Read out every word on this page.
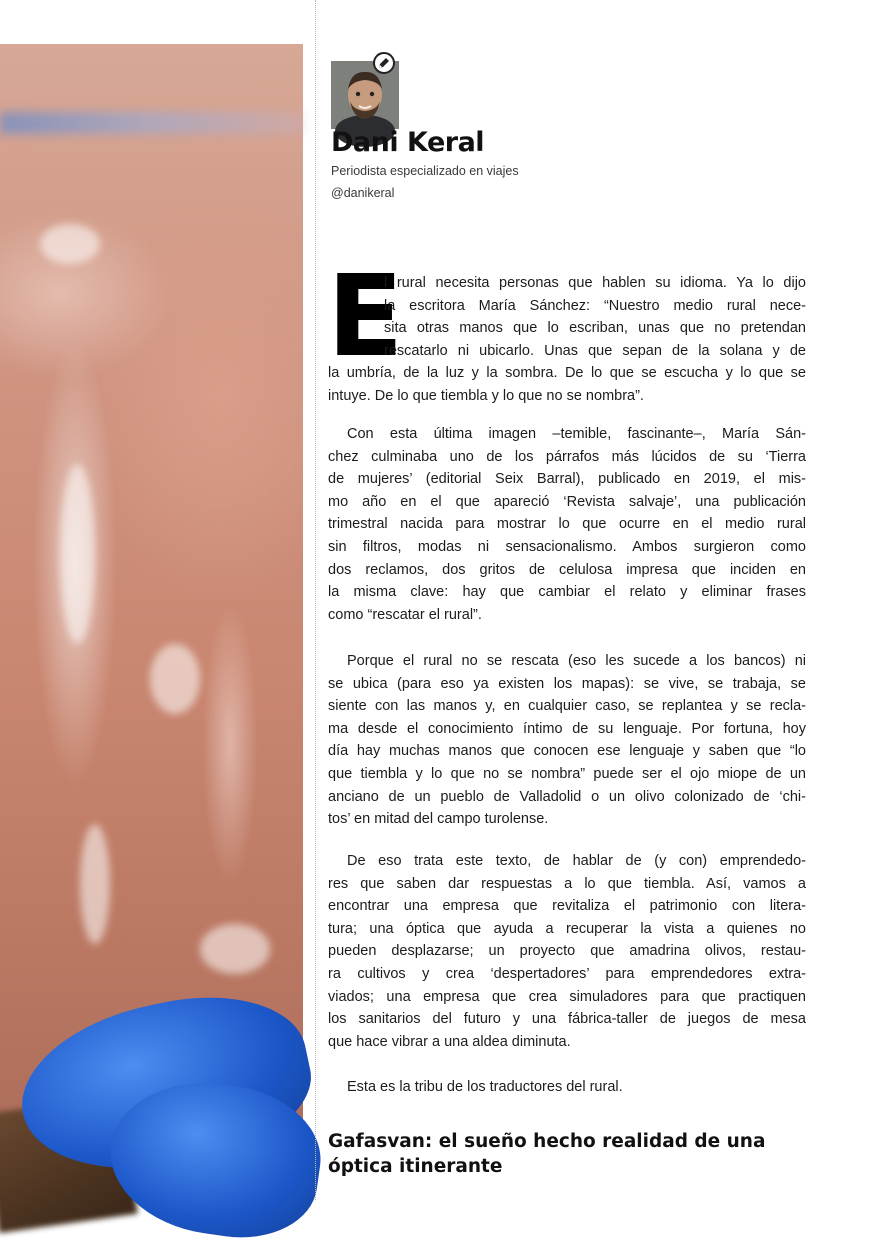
Dani Keral
Periodista especializado en viajes
@danikeral
E
l rural necesita personas que hablen su idioma. Ya lo dijo
la escritora María Sánchez: “Nuestro medio rural nece-
sita otras manos que lo escriban, unas que no pretendan
rescatarlo ni ubicarlo. Unas que sepan de la solana y de
la umbría, de la luz y la sombra. De lo que se escucha y lo que se
intuye. De lo que tiembla y lo que no se nombra”.
Con esta última imagen –temible, fascinante–, María Sán-
chez culminaba uno de los párrafos más lúcidos de su ‘Tierra
de mujeres’ (editorial Seix Barral), publicado en 2019, el mis-
mo año en el que apareció ‘Revista salvaje’, una publicación
trimestral nacida para mostrar lo que ocurre en el medio rural
sin filtros, modas ni sensacionalismo. Ambos surgieron como
dos reclamos, dos gritos de celulosa impresa que inciden en
la misma clave: hay que cambiar el relato y eliminar frases
como “rescatar el rural”.
Porque el rural no se rescata (eso les sucede a los bancos) ni
se ubica (para eso ya existen los mapas): se vive, se trabaja, se
siente con las manos y, en cualquier caso, se replantea y se recla-
ma desde el conocimiento íntimo de su lenguaje. Por fortuna, hoy
día hay muchas manos que conocen ese lenguaje y saben que “lo
que tiembla y lo que no se nombra” puede ser el ojo miope de un
anciano de un pueblo de Valladolid o un olivo colonizado de ‘chi-
tos’ en mitad del campo turolense.
De eso trata este texto, de hablar de (y con) emprendedo-
res que saben dar respuestas a lo que tiembla. Así, vamos a
encontrar una empresa que revitaliza el patrimonio con litera-
tura; una óptica que ayuda a recuperar la vista a quienes no
pueden desplazarse; un proyecto que amadrina olivos, restau-
ra cultivos y crea ‘despertadores’ para emprendedores extra-
viados; una empresa que crea simuladores para que practiquen
los sanitarios del futuro y una fábrica-taller de juegos de mesa
que hace vibrar a una aldea diminuta.
Esta es la tribu de los traductores del rural.
Gafasvan: el sueño hecho realidad de una
óptica itinerante
